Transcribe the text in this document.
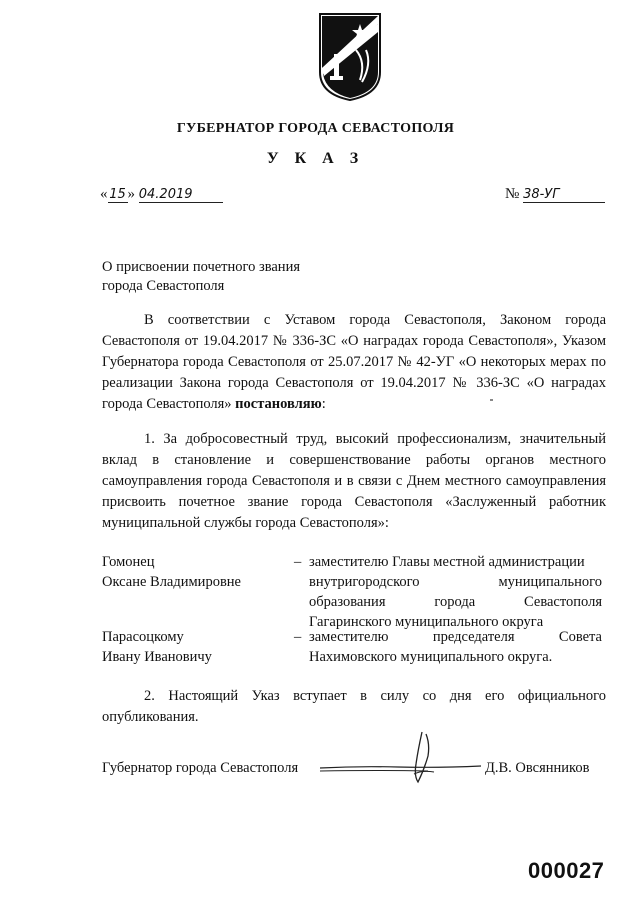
ГУБЕРНАТОР ГОРОДА СЕВАСТОПОЛЯ
У К А З
« 15 » 04.2019	№ 38-УГ
О присвоении почетного звания
города Севастополя

В соответствии с Уставом города Севастополя, Законом города Севастополя от 19.04.2017 № 336-ЗС «О наградах города Севастополя», Указом Губернатора города Севастополя от 25.07.2017 № 42-УГ «О некоторых мерах по реализации Закона города Севастополя от 19.04.2017 № 336-ЗС «О наградах города Севастополя» постановляю:

1. За добросовестный труд, высокий профессионализм, значительный вклад в становление и совершенствование работы органов местного самоуправления города Севастополя и в связи с Днем местного самоуправления присвоить почетное звание города Севастополя «Заслуженный работник муниципальной службы города Севастополя»:

Гомонец
Оксане Владимировне
– заместителю Главы местной администрации
внутригородского муниципального
образования города Севастополя
Гагаринского муниципального округа
Парасоцкому
Ивану Ивановичу
– заместителю председателя Совета
Нахимовского муниципального округа.

2. Настоящий Указ вступает в силу со дня его официального опубликования.

Губернатор города Севастополя	Д.В. Овсянников
000027
